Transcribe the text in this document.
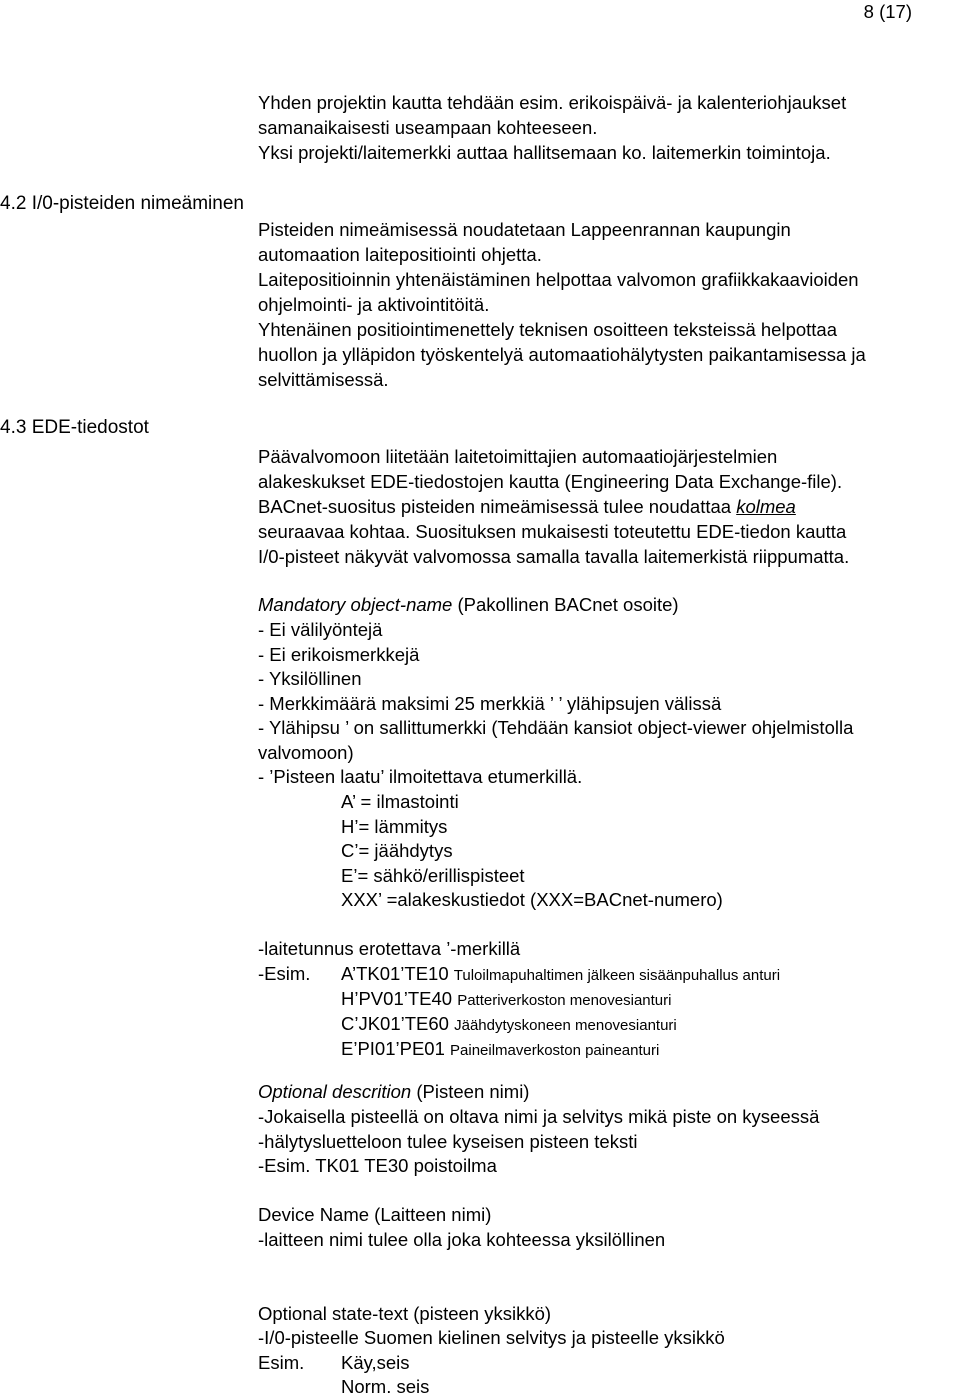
8 (17)
Yhden projektin kautta tehdään esim. erikoispäivä- ja kalenteriohjaukset
samanaikaisesti useampaan kohteeseen.
Yksi projekti/laitemerkki auttaa hallitsemaan ko. laitemerkin toimintoja.
4.2 I/0-pisteiden nimeäminen
Pisteiden nimeämisessä noudatetaan Lappeenrannan kaupungin
automaation laitepositiointi ohjetta.
Laitepositioinnin yhtenäistäminen helpottaa valvomon grafiikkakaavioiden
ohjelmointi- ja aktivointitöitä.
Yhtenäinen positiointimenettely teknisen osoitteen teksteissä helpottaa
huollon ja ylläpidon työskentelyä automaatiohälytysten paikantamisessa ja
selvittämisessä.
4.3 EDE-tiedostot
Päävalvomoon liitetään laitetoimittajien automaatiojärjestelmien
alakeskukset EDE-tiedostojen kautta (Engineering Data Exchange-file).
BACnet-suositus pisteiden nimeämisessä tulee noudattaa kolmea
seuraavaa kohtaa. Suosituksen mukaisesti toteutettu EDE-tiedon kautta
I/0-pisteet näkyvät valvomossa samalla tavalla laitemerkistä riippumatta.
Mandatory object-name (Pakollinen BACnet osoite)
- Ei välilyöntejä
- Ei erikoismerkkejä
- Yksilöllinen
- Merkkimäärä maksimi 25 merkkiä ’ ’ ylähipsujen välissä
- Ylähipsu ’ on sallittumerkki (Tehdään kansiot object-viewer ohjelmistolla
valvomoon)
- ’Pisteen laatu’ ilmoitettava etumerkillä.
A’ = ilmastointi
H’= lämmitys
C’= jäähdytys
E’= sähkö/erillispisteet
XXX’ =alakeskustiedot (XXX=BACnet-numero)
-laitetunnus erotettava ’-merkillä
-Esim. A’TK01’TE10 Tuloilmapuhaltimen jälkeen sisäänpuhallus anturi
H’PV01’TE40 Patteriverkoston menovesianturi
C’JK01’TE60 Jäähdytyskoneen menovesianturi
E’PI01’PE01 Paineilmaverkoston paineanturi
Optional descrition (Pisteen nimi)
-Jokaisella pisteellä on oltava nimi ja selvitys mikä piste on kyseessä
-hälytysluetteloon tulee kyseisen pisteen teksti
-Esim. TK01 TE30 poistoilma
Device Name (Laitteen nimi)
-laitteen nimi tulee olla joka kohteessa yksilöllinen
Optional state-text (pisteen yksikkö)
-I/0-pisteelle Suomen kielinen selvitys ja pisteelle yksikkö
Esim. Käy,seis
Norm. seis
